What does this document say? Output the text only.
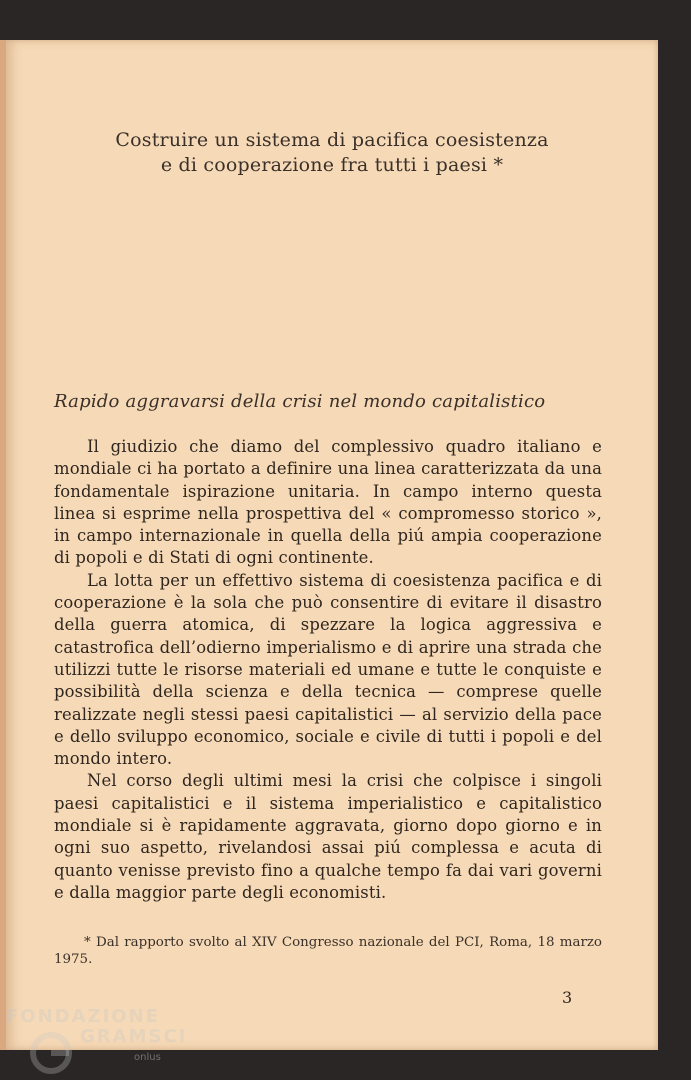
Costruire un sistema di pacifica coesistenza
e di cooperazione fra tutti i paesi *
Rapido aggravarsi della crisi nel mondo capitalistico

Il giudizio che diamo del complessivo quadro italiano e mondiale ci ha portato a definire una linea caratterizzata da una fondamentale ispirazione unitaria. In campo interno questa linea si esprime nella prospettiva del « compromesso storico », in campo internazionale in quella della piú ampia cooperazione di popoli e di Stati di ogni continente.

La lotta per un effettivo sistema di coesistenza pacifica e di cooperazione è la sola che può consentire di evitare il disastro della guerra atomica, di spezzare la logica aggressiva e catastrofica dell’odierno imperialismo e di aprire una strada che utilizzi tutte le risorse materiali ed umane e tutte le conquiste e possibilità della scienza e della tecnica — comprese quelle realizzate negli stessi paesi capitalistici — al servizio della pace e dello sviluppo economico, sociale e civile di tutti i popoli e del mondo intero.

Nel corso degli ultimi mesi la crisi che colpisce i singoli paesi capitalistici e il sistema imperialistico e capitalistico mondiale si è rapidamente aggravata, giorno dopo giorno e in ogni suo aspetto, rivelandosi assai piú complessa e acuta di quanto venisse previsto fino a qualche tempo fa dai vari governi e dalla maggior parte degli economisti.

* Dal rapporto svolto al XIV Congresso nazionale del PCI, Roma, 18 marzo 1975.

3
FONDAZIONE
GRAMSCI
onlus
